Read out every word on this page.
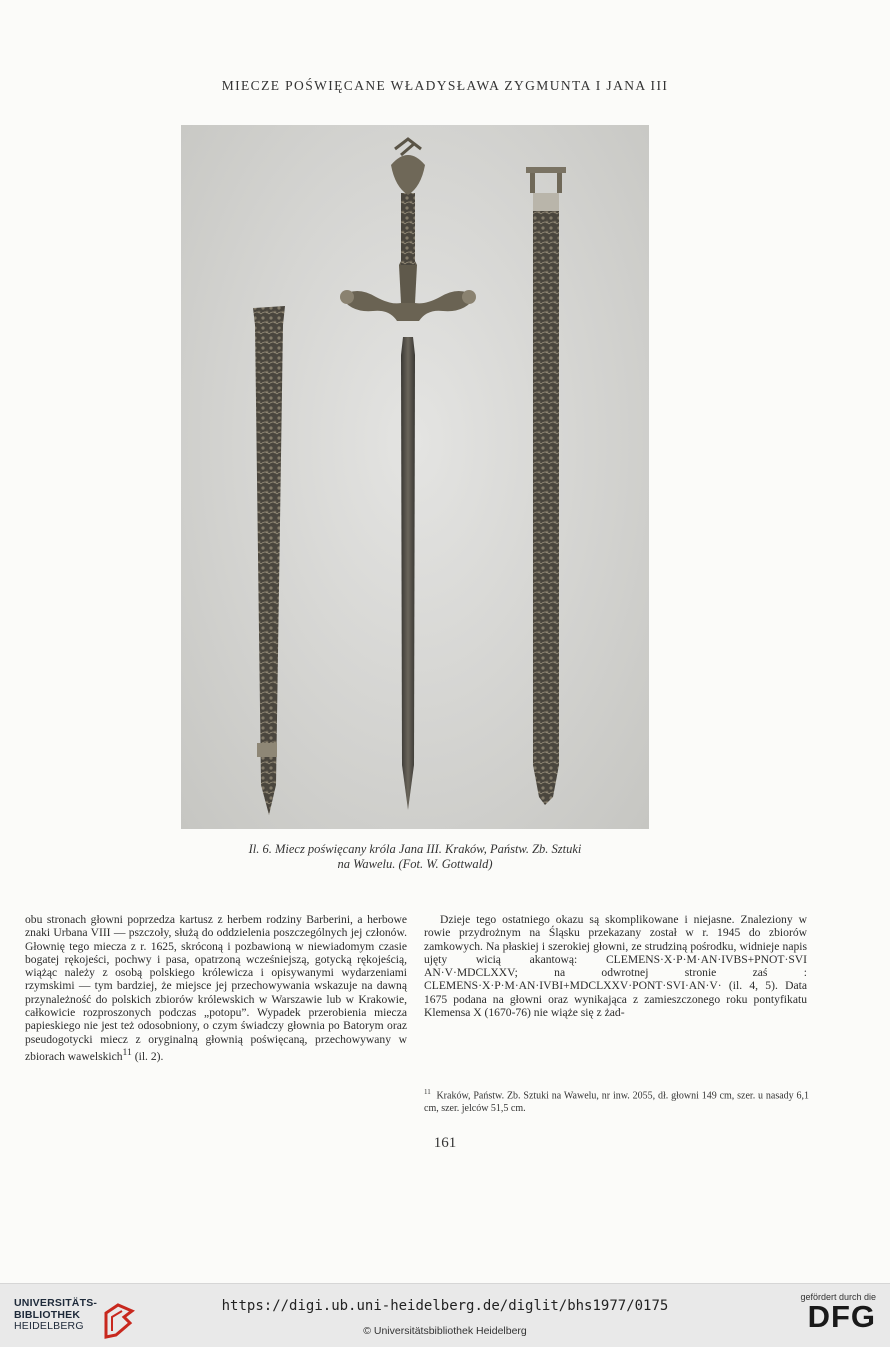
MIECZE POŚWIĘCANE WŁADYSŁAWA ZYGMUNTA I JANA III
Il. 6. Miecz poświęcany króla Jana III. Kraków, Państw. Zb. Sztuki
na Wawelu. (Fot. W. Gottwald)

obu stronach głowni poprzedza kartusz z herbem rodziny Barberini, a herbowe znaki Urbana VIII — pszczoły, służą do oddzielenia poszczególnych jej członów. Głownię tego miecza z r. 1625, skróconą i pozbawioną w niewiadomym czasie bogatej rękojeści, pochwy i pasa, opatrzoną wcześniejszą, gotycką rękojeścią, wiążąc należy z osobą polskiego królewicza i opisywanymi wydarzeniami rzymskimi — tym bardziej, że miejsce jej przechowywania wskazuje na dawną przynależność do polskich zbiorów królewskich w Warszawie lub w Krakowie, całkowicie rozproszonych podczas „potopu”. Wypadek przerobienia miecza papieskiego nie jest też odosobniony, o czym świadczy głownia po Batorym oraz pseudogotycki miecz z oryginalną głownią poświęcaną, przechowywany w zbiorach wawelskich$^{11}$ (il. 2).

Dzieje tego ostatniego okazu są skomplikowane i niejasne. Znaleziony w rowie przydrożnym na Śląsku przekazany został w r. 1945 do zbiorów zamkowych. Na płaskiej i szerokiej głowni, ze strudziną pośrodku, widnieje napis ujęty wicią akantową: CLEMENS·X·P·M·AN·IVBS+PNOT·SVI AN·V·MDCLXXV; na odwrotnej stronie zaś : CLEMENS·X·P·M·AN·IVBI+MDCLXXV·PONT·SVI·AN·V· (il. 4, 5). Data 1675 podana na głowni oraz wynikająca z zamieszczonego roku pontyfikatu Klemensa X (1670-76) nie wiąże się z żad-

$^{11}$ Kraków, Państw. Zb. Sztuki na Wawelu, nr inw. 2055, dł. głowni 149 cm, szer. u nasady 6,1 cm, szer. jelców 51,5 cm.
161
UNIVERSITÄTS-
BIBLIOTHEK
HEIDELBERG
https://digi.ub.uni-heidelberg.de/diglit/bhs1977/0175
© Universitätsbibliothek Heidelberg
gefördert durch die
DFG
